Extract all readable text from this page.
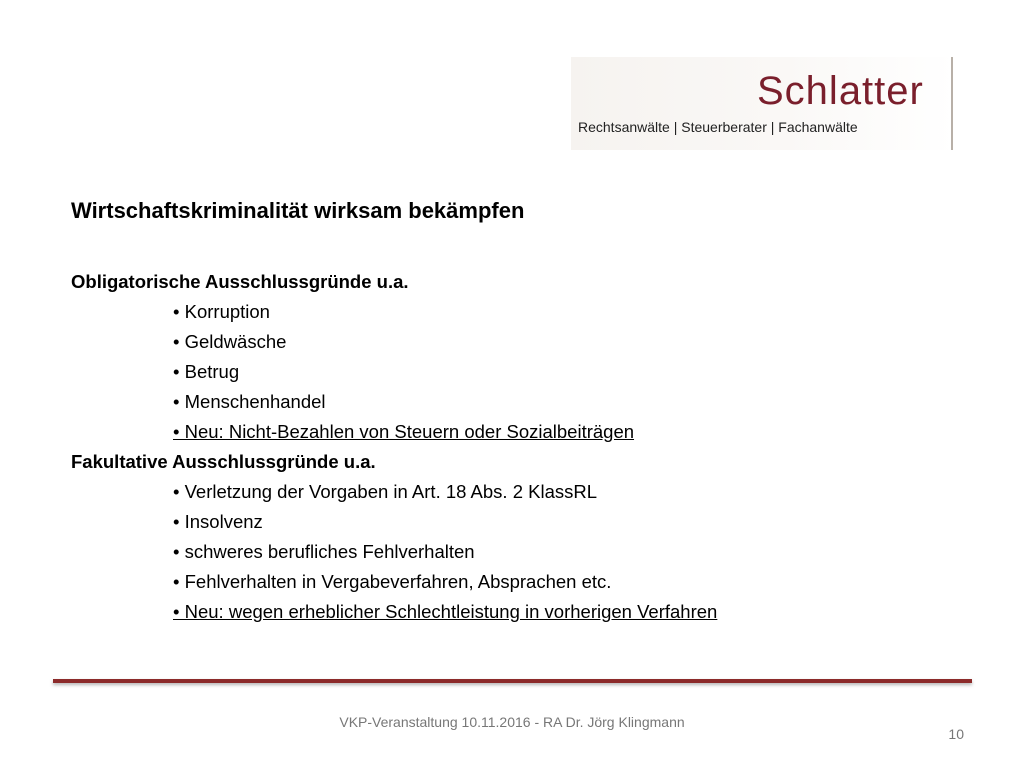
Schlatter
Rechtsanwälte | Steuerberater | Fachanwälte
Wirtschaftskriminalität wirksam bekämpfen
Obligatorische Ausschlussgründe u.a.
• Korruption
• Geldwäsche
• Betrug
• Menschenhandel
• Neu: Nicht-Bezahlen von Steuern oder Sozialbeiträgen
Fakultative Ausschlussgründe u.a.
• Verletzung der Vorgaben in Art. 18 Abs. 2 KlassRL
• Insolvenz
• schweres berufliches Fehlverhalten
• Fehlverhalten in Vergabeverfahren, Absprachen etc.
• Neu: wegen erheblicher Schlechtleistung in vorherigen Verfahren
VKP-Veranstaltung 10.11.2016 - RA Dr. Jörg Klingmann
10
